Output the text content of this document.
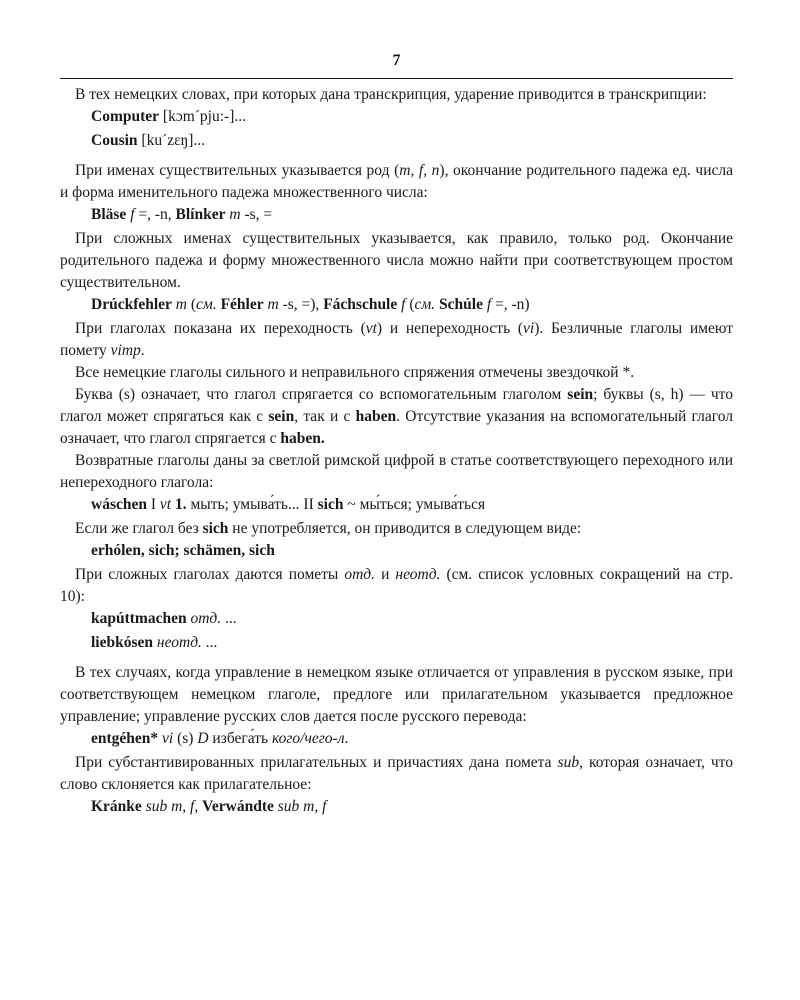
7

В тех немецких словах, при которых дана транскрипция, ударение приводится в транскрипции:

Computer [kɔmˊpju:-]...
Cousin [kuˊzɛŋ]...

При именах существительных указывается род (m, f, n), окончание родительного падежа ед. числа и форма именительного падежа множественного числа:

Bläse f =, -n, Blínker m -s, =

При сложных именах существительных указывается, как правило, только род. Окончание родительного падежа и форму множественного числа можно найти при соответствующем простом существительном.

Drúckfehler m (см. Féhler m -s, =), Fáchschule f (см. Schúle f =, -n)

При глаголах показана их переходность (vt) и непереходность (vi). Безличные глаголы имеют помету vimp.

Все немецкие глаголы сильного и неправильного спряжения отмечены звездочкой *.

Буква (s) означает, что глагол спрягается со вспомогательным глаголом sein; буквы (s, h) — что глагол может спрягаться как с sein, так и с haben. Отсутствие указания на вспомогательный глагол означает, что глагол спрягается с haben.

Возвратные глаголы даны за светлой римской цифрой в статье соответствующего переходного или непереходного глагола:

wáschen I vt 1. мыть; умыва́ть... II sich ~ мы́ться; умыва́ться

Если же глагол без sich не употребляется, он приводится в следующем виде:

erhólen, sich; schämen, sich

При сложных глаголах даются пометы отд. и неотд. (см. список условных сокращений на стр. 10):

kapúttmachen отд. ...
liebkósen неотд. ...

В тех случаях, когда управление в немецком языке отличается от управления в русском языке, при соответствующем немецком глаголе, предлоге или прилагательном указывается предложное управление; управление русских слов дается после русского перевода:

entgéhen* vi (s) D избега́ть кого/чего-л.

При субстантивированных прилагательных и причастиях дана помета sub, которая означает, что слово склоняется как прилагательное:

Kránke sub m, f, Verwándte sub m, f
